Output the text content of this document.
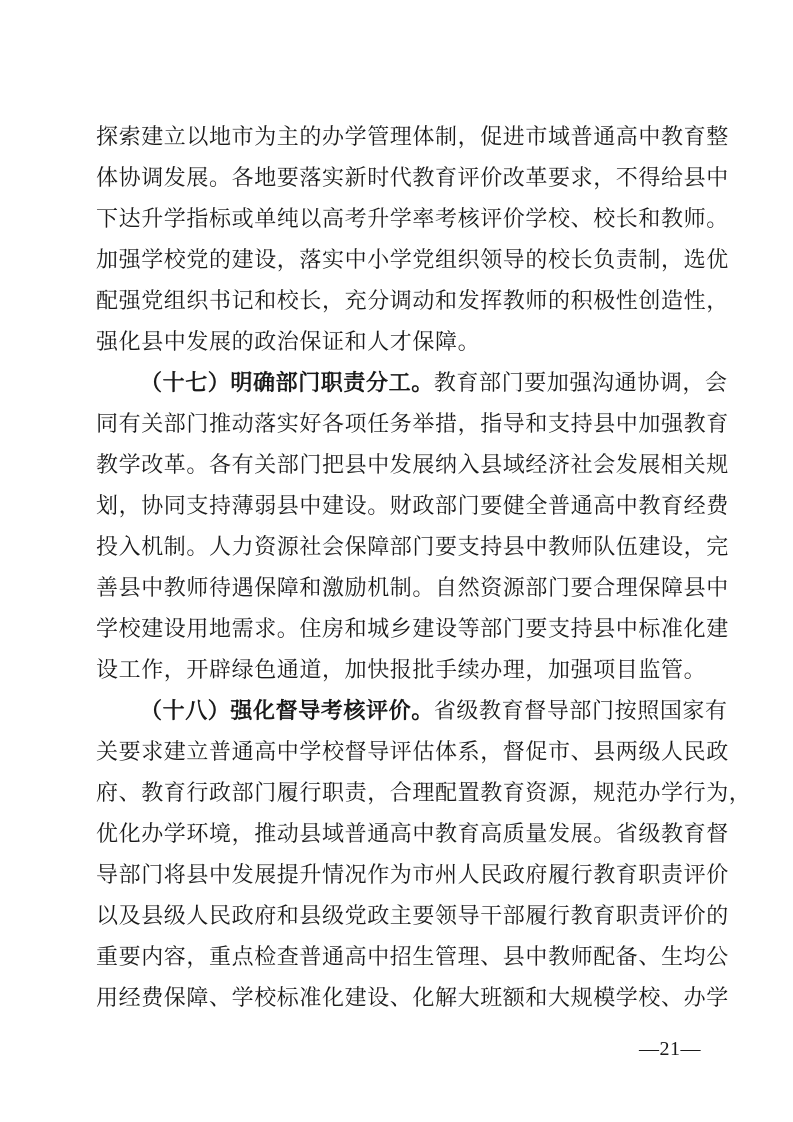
探索建立以地市为主的办学管理体制，促进市域普通高中教育整
体协调发展。各地要落实新时代教育评价改革要求，不得给县中
下达升学指标或单纯以高考升学率考核评价学校、校长和教师。
加强学校党的建设，落实中小学党组织领导的校长负责制，选优
配强党组织书记和校长，充分调动和发挥教师的积极性创造性，
强化县中发展的政治保证和人才保障。

（十七）明确部门职责分工。教育部门要加强沟通协调，会
同有关部门推动落实好各项任务举措，指导和支持县中加强教育
教学改革。各有关部门把县中发展纳入县域经济社会发展相关规
划，协同支持薄弱县中建设。财政部门要健全普通高中教育经费
投入机制。人力资源社会保障部门要支持县中教师队伍建设，完
善县中教师待遇保障和激励机制。自然资源部门要合理保障县中
学校建设用地需求。住房和城乡建设等部门要支持县中标准化建
设工作，开辟绿色通道，加快报批手续办理，加强项目监管。

（十八）强化督导考核评价。省级教育督导部门按照国家有
关要求建立普通高中学校督导评估体系，督促市、县两级人民政
府、教育行政部门履行职责，合理配置教育资源，规范办学行为，
优化办学环境，推动县域普通高中教育高质量发展。省级教育督
导部门将县中发展提升情况作为市州人民政府履行教育职责评价
以及县级人民政府和县级党政主要领导干部履行教育职责评价的
重要内容，重点检查普通高中招生管理、县中教师配备、生均公
用经费保障、学校标准化建设、化解大班额和大规模学校、办学

—21—
